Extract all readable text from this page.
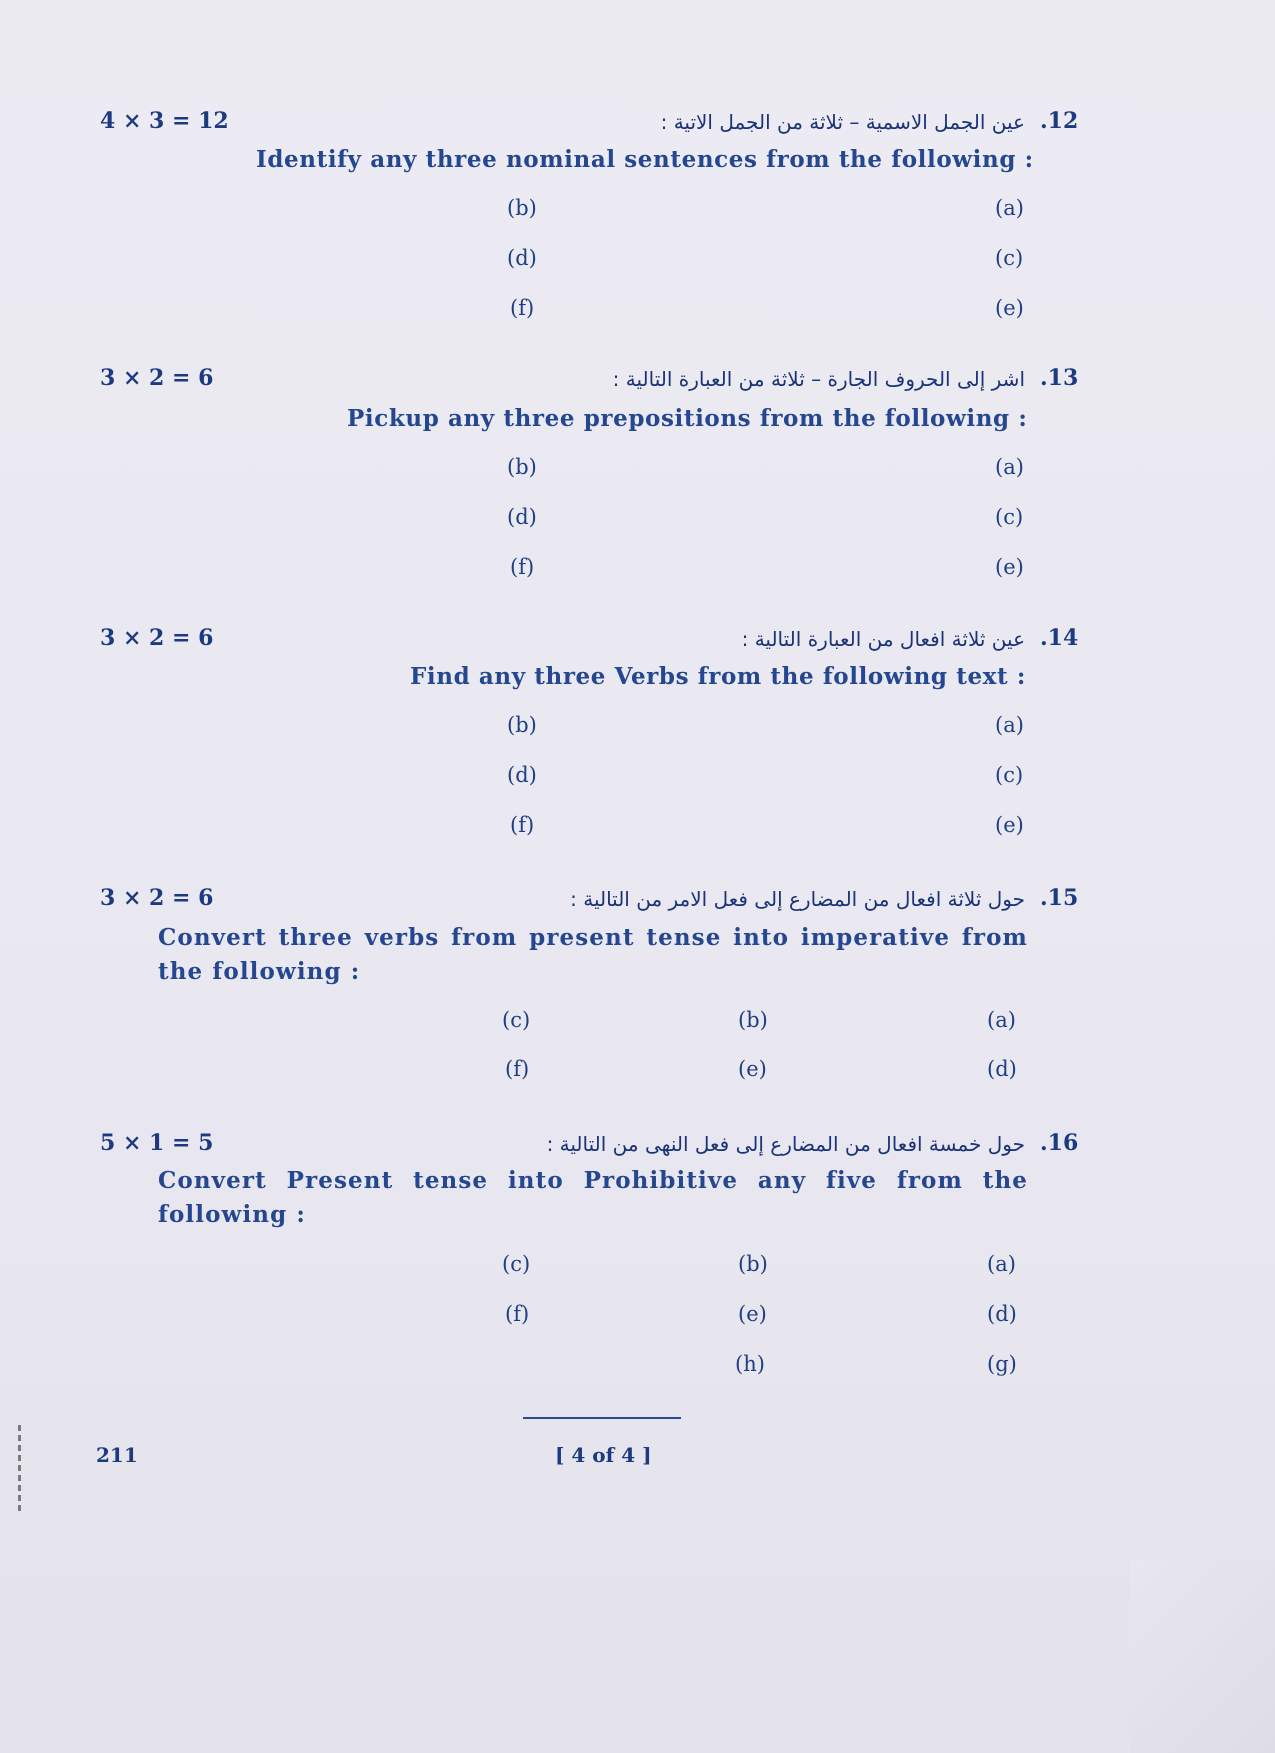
4 × 3 = 12	عين الجمل الاسمية – ثلاثة من الجمل الاتية : .12
Identify any three nominal sentences from the following :
(a)
(b)
(c)
(d)
(e)
(f)
3 × 2 = 6	اشر إلى الحروف الجارة – ثلاثة من العبارة التالية : .13
Pickup any three prepositions from the following :
(a)
(b)
(c)
(d)
(e)
(f)
3 × 2 = 6	عين ثلاثة افعال من العبارة التالية : .14
Find any three Verbs from the following text :
(a)
(b)
(c)
(d)
(e)
(f)
3 × 2 = 6	حول ثلاثة افعال من المضارع إلى فعل الامر من التالية : .15
Convert three verbs from present tense into imperative from the following :
(a)
(b)
(c)
(d)
(e)
(f)
5 × 1 = 5	حول خمسة افعال من المضارع إلى فعل النهى من التالية : .16
Convert Present tense into Prohibitive any five from the following :
(a)
(b)
(c)
(d)
(e)
(f)
(g)
(h)
211	[ 4 of 4 ]
